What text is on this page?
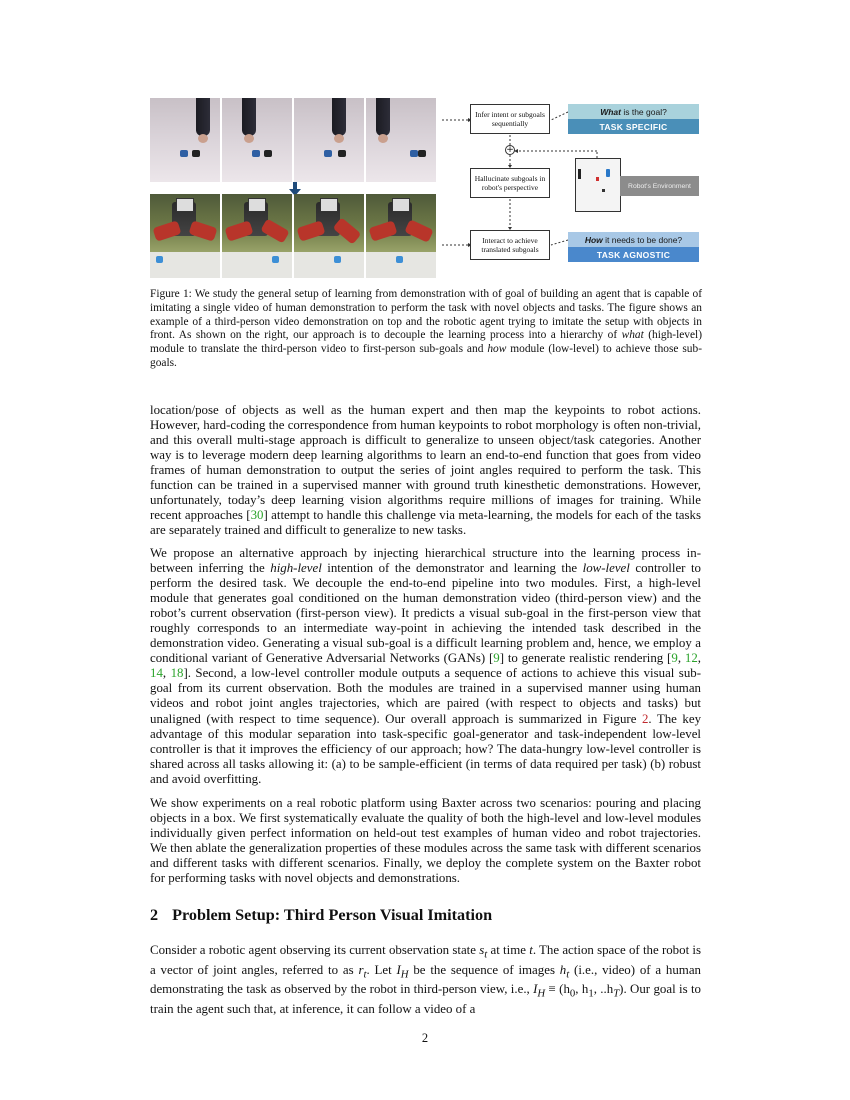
+
Infer intent or subgoals sequentially
Hallucinate subgoals in robot's perspective
Interact to achieve translated subgoals
What is the goal?
TASK SPECIFIC
Robot's Environment
How it needs to be done?
TASK AGNOSTIC
Figure 1: We study the general setup of learning from demonstration with of goal of building an agent that is capable of imitating a single video of human demonstration to perform the task with novel objects and tasks. The figure shows an example of a third-person video demonstration on top and the robotic agent trying to imitate the setup with objects in front. As shown on the right, our approach is to decouple the learning process into a hierarchy of what (high-level) module to translate the third-person video to first-person sub-goals and how module (low-level) to achieve those sub-goals.

location/pose of objects as well as the human expert and then map the keypoints to robot actions. However, hard-coding the correspondence from human keypoints to robot morphology is often non-trivial, and this overall multi-stage approach is difficult to generalize to unseen object/task categories. Another way is to leverage modern deep learning algorithms to learn an end-to-end function that goes from video frames of human demonstration to output the series of joint angles required to perform the task. This function can be trained in a supervised manner with ground truth kinesthetic demonstrations. However, unfortunately, today’s deep learning vision algorithms require millions of images for training. While recent approaches [30] attempt to handle this challenge via meta-learning, the models for each of the tasks are separately trained and difficult to generalize to new tasks.

We propose an alternative approach by injecting hierarchical structure into the learning process in-between inferring the high-level intention of the demonstrator and learning the low-level controller to perform the desired task. We decouple the end-to-end pipeline into two modules. First, a high-level module that generates goal conditioned on the human demonstration video (third-person view) and the robot’s current observation (first-person view). It predicts a visual sub-goal in the first-person view that roughly corresponds to an intermediate way-point in achieving the intended task described in the demonstration video. Generating a visual sub-goal is a difficult learning problem and, hence, we employ a conditional variant of Generative Adversarial Networks (GANs) [9] to generate realistic rendering [9, 12, 14, 18]. Second, a low-level controller module outputs a sequence of actions to achieve this visual sub-goal from its current observation. Both the modules are trained in a supervised manner using human videos and robot joint angles trajectories, which are paired (with respect to objects and tasks) but unaligned (with respect to time sequence). Our overall approach is summarized in Figure 2. The key advantage of this modular separation into task-specific goal-generator and task-independent low-level controller is that it improves the efficiency of our approach; how? The data-hungry low-level controller is shared across all tasks allowing it: (a) to be sample-efficient (in terms of data required per task) (b) robust and avoid overfitting.

We show experiments on a real robotic platform using Baxter across two scenarios: pouring and placing objects in a box. We first systematically evaluate the quality of both the high-level and low-level modules individually given perfect information on held-out test examples of human video and robot trajectories. We then ablate the generalization properties of these modules across the same task with different scenarios and different tasks with different scenarios. Finally, we deploy the complete system on the Baxter robot for performing tasks with novel objects and demonstrations.

2 Problem Setup: Third Person Visual Imitation

Consider a robotic agent observing its current observation state $s_t$ at time t. The action space of the robot is a vector of joint angles, referred to as $r_t$. Let $I_H$ be the sequence of images $h_t$ (i.e., video) of a human demonstrating the task as observed by the robot in third-person view, i.e., $I_H \equiv (h_0$, $h_1$, $..h_T$). Our goal is to train the agent such that, at inference, it can follow a video of a

2
